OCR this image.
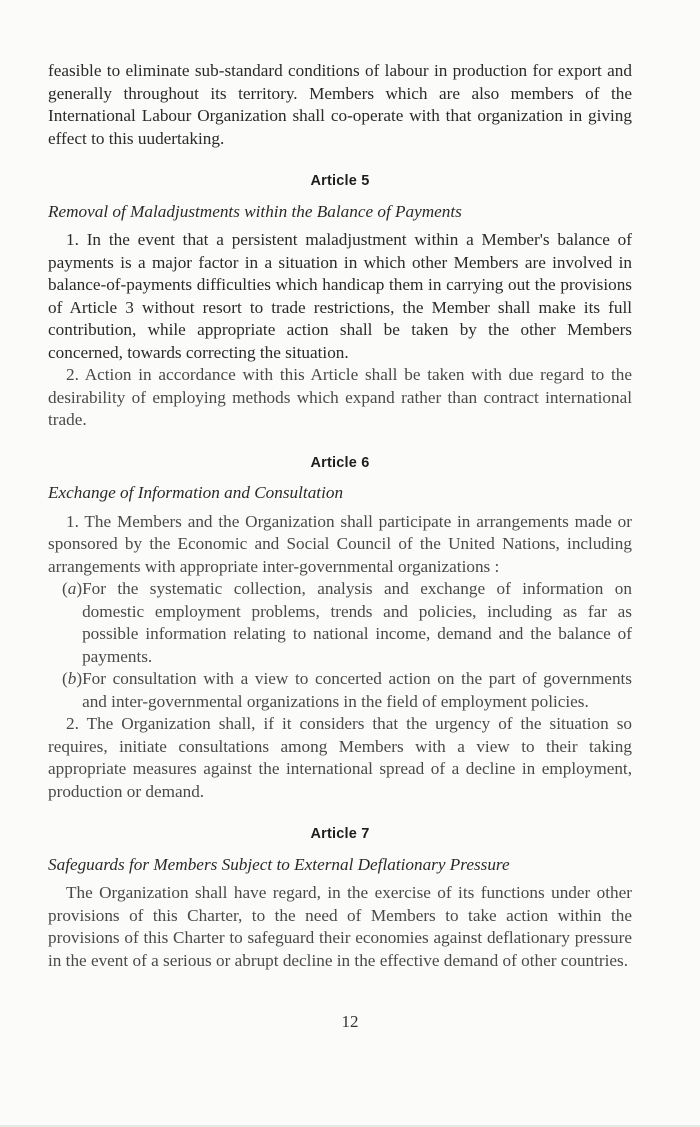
feasible to eliminate sub-standard conditions of labour in production for export and generally throughout its territory. Members which are also members of the International Labour Organization shall co-operate with that organization in giving effect to this uudertaking.

Article 5

Removal of Maladjustments within the Balance of Payments

1. In the event that a persistent maladjustment within a Member's balance of payments is a major factor in a situation in which other Members are involved in balance-of-payments difficulties which handicap them in carrying out the provisions of Article 3 without resort to trade restrictions, the Member shall make its full contribution, while appropriate action shall be taken by the other Members concerned, towards correcting the situation.

2. Action in accordance with this Article shall be taken with due regard to the desirability of employing methods which expand rather than contract international trade.

Article 6

Exchange of Information and Consultation

1. The Members and the Organization shall participate in arrangements made or sponsored by the Economic and Social Council of the United Nations, including arrangements with appropriate inter-governmental organizations :

(a) For the systematic collection, analysis and exchange of information on domestic employment problems, trends and policies, including as far as possible information relating to national income, demand and the balance of payments.
(b) For consultation with a view to concerted action on the part of governments and inter-governmental organizations in the field of employment policies.

2. The Organization shall, if it considers that the urgency of the situation so requires, initiate consultations among Members with a view to their taking appropriate measures against the international spread of a decline in employment, production or demand.

Article 7

Safeguards for Members Subject to External Deflationary Pressure

The Organization shall have regard, in the exercise of its functions under other provisions of this Charter, to the need of Members to take action within the provisions of this Charter to safeguard their economies against deflationary pressure in the event of a serious or abrupt decline in the effective demand of other countries.

12
